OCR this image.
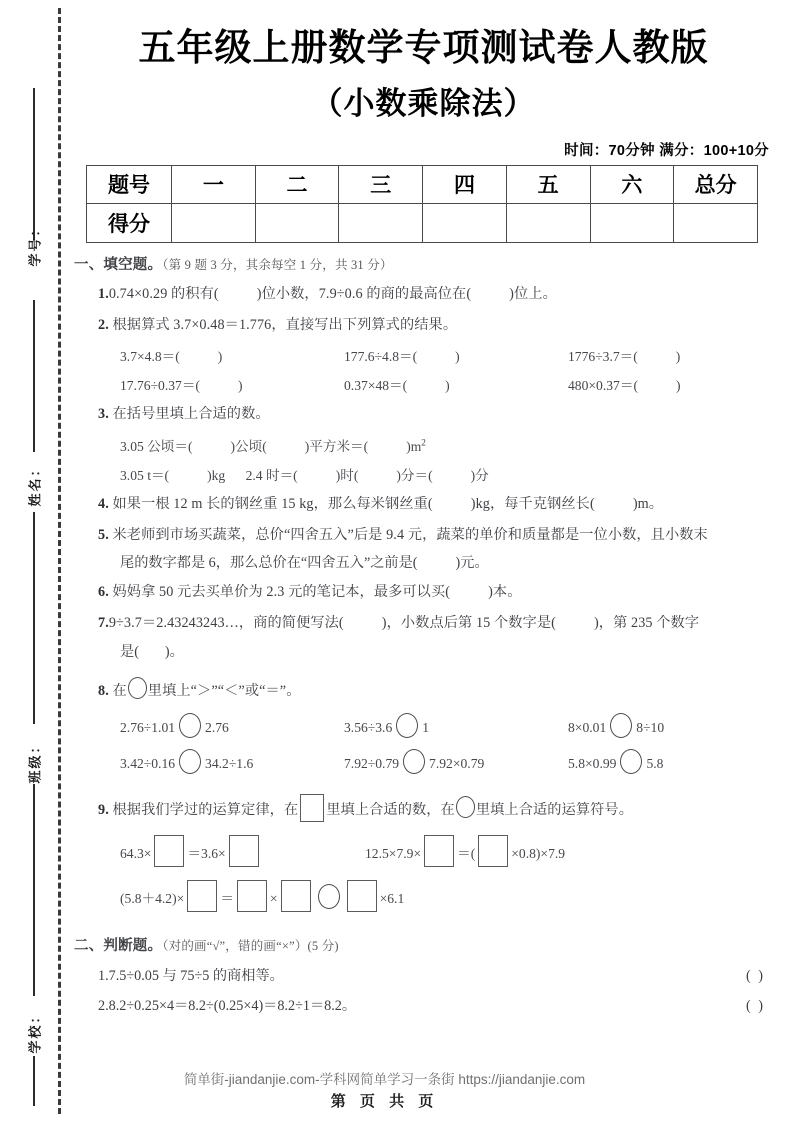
学号：
姓名：
班级：
学校：
五年级上册数学专项测试卷人教版
（小数乘除法）
时间：70分钟 满分：100+10分
题号	一	二	三	四	五	六	总分
得分							
一、填空题。（第 9 题 3 分，其余每空 1 分，共 31 分）
1.0.74×0.29 的积有(	)位小数，7.9÷0.6 的商的最高位在(	)位上。
2. 根据算式 3.7×0.48＝1.776，直接写出下列算式的结果。
3.7×4.8＝(	)	177.6÷4.8＝(	)	1776÷3.7＝(	)
17.76÷0.37＝(	)	0.37×48＝(	)	480×0.37＝(	)
3. 在括号里填上合适的数。
3.05 公顷＝(	)公顷(	)平方米＝(	)$m^2$
3.05 t＝(	)kg 2.4 时＝(	)时(	)分＝(	)分
4. 如果一根 12 m 长的钢丝重 15 kg，那么每米钢丝重(	)kg，每千克钢丝长(	)m。
5. 米老师到市场买蔬菜，总价“四舍五入”后是 9.4 元，蔬菜的单价和质量都是一位小数，且小数末
尾的数字都是 6，那么总价在“四舍五入”之前是(	)元。
6. 妈妈拿 50 元去买单价为 2.3 元的笔记本，最多可以买(	)本。
7.9÷3.7＝2.43243243…，商的简便写法(	)，小数点后第 15 个数字是(	)，第 235 个数字
是( )。
8. 在 里填上“＞”“＜”或“＝”。
2.76÷1.01 2.76	3.56÷3.6 1	8×0.01 8÷10
3.42÷0.16 34.2÷1.6	7.92÷0.79 7.92×0.79	5.8×0.99 5.8
9. 根据我们学过的运算定律，在 里填上合适的数，在 里填上合适的运算符号。
64.3×	＝3.6×	12.5×7.9×	＝(	×0.8)×7.9
(5.8＋4.2)×	＝	×	×6.1
二、判断题。（对的画“√”，错的画“×”）(5 分)
1.7.5÷0.05 与 75÷5 的商相等。	( )
2.8.2÷0.25×4＝8.2÷(0.25×4)＝8.2÷1＝8.2。	( )
简单街-jiandanjie.com-学科网简单学习一条街 https://jiandanjie.com
第 页 共 页
